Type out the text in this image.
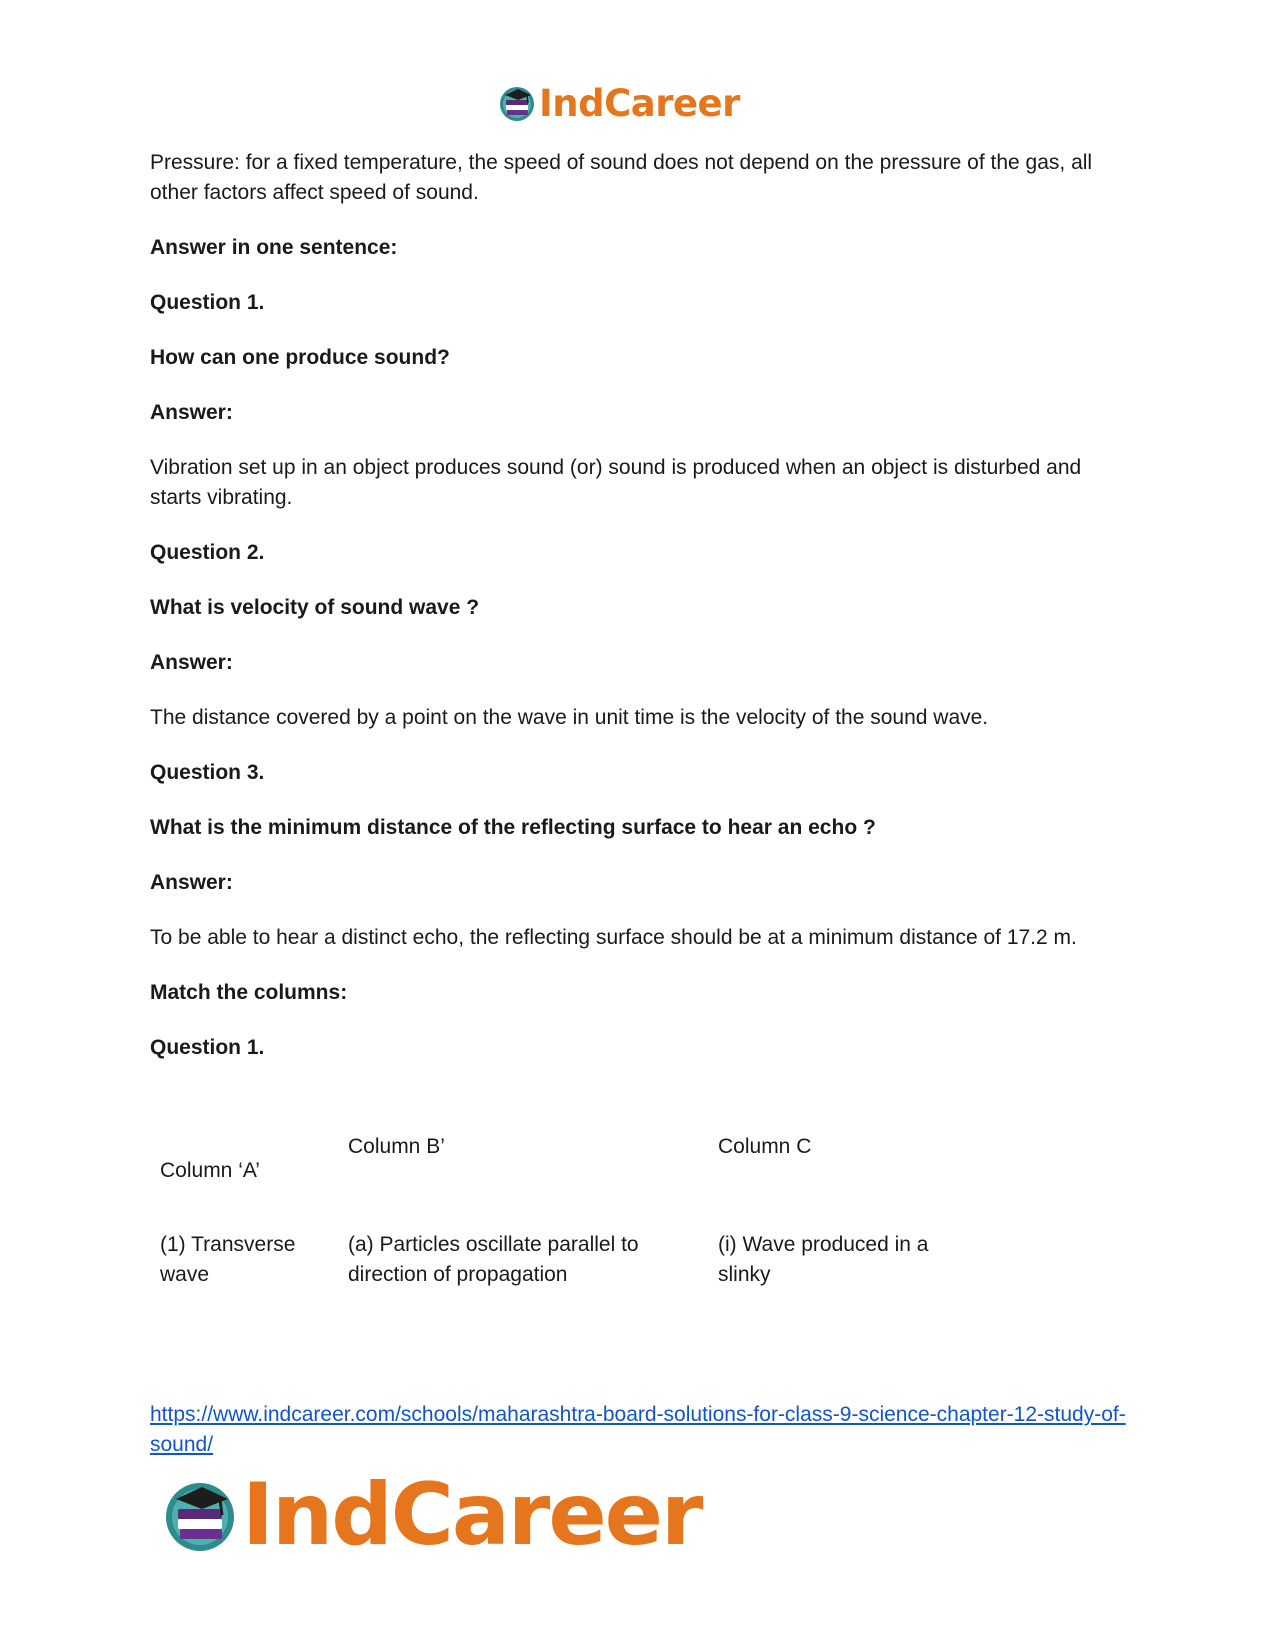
IndCareer

Pressure: for a fixed temperature, the speed of sound does not depend on the pressure of the gas, all other factors affect speed of sound.

Answer in one sentence:

Question 1.

How can one produce sound?

Answer:

Vibration set up in an object produces sound (or) sound is produced when an object is disturbed and starts vibrating.

Question 2.

What is velocity of sound wave ?

Answer:

The distance covered by a point on the wave in unit time is the velocity of the sound wave.

Question 3.

What is the minimum distance of the reflecting surface to hear an echo ?

Answer:

To be able to hear a distinct echo, the reflecting surface should be at a minimum distance of 17.2 m.

Match the columns:

Question 1.

Column ‘A’
Column B’	Column C
(1) Transverse wave
(a) Particles oscillate parallel to direction of propagation
(i) Wave produced in a slinky
https://www.indcareer.com/schools/maharashtra-board-solutions-for-class-9-science-chapter-12-study-of-sound/
IndCareer
